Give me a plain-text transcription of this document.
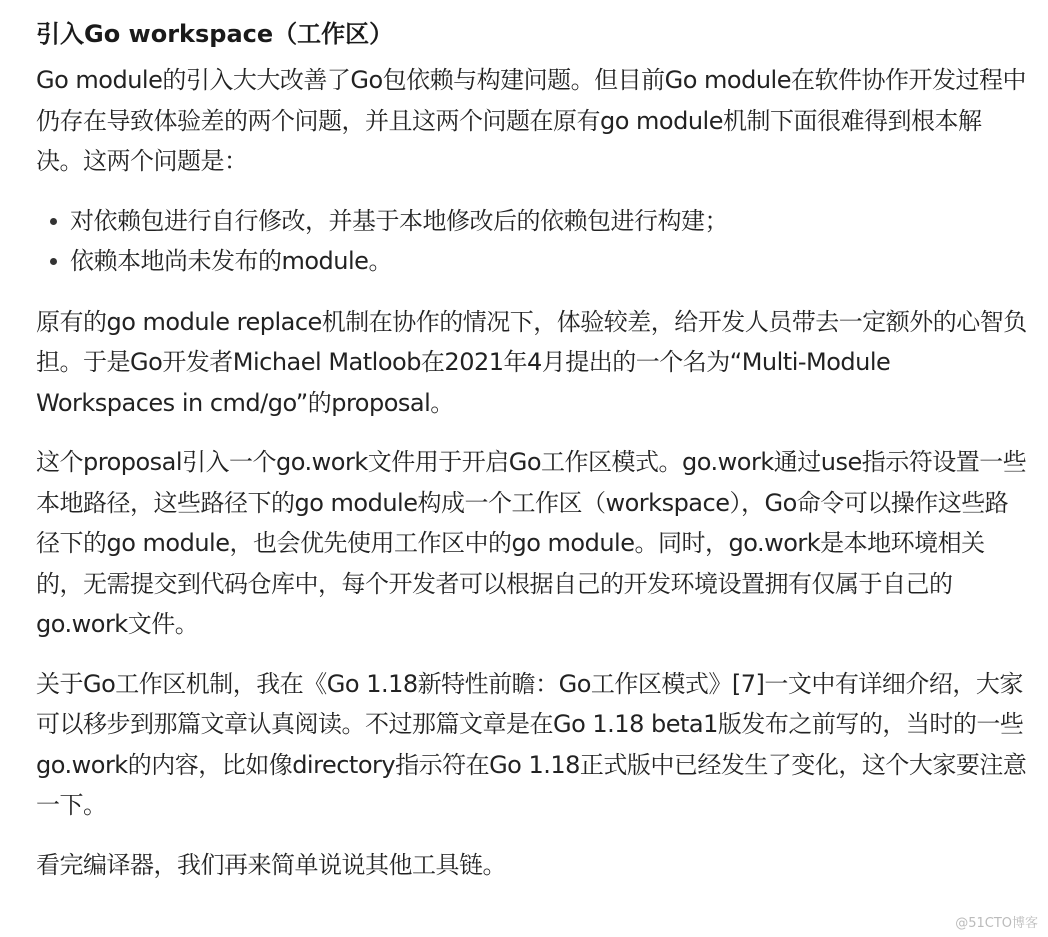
引入Go workspace（工作区）

Go module的引入大大改善了Go包依赖与构建问题。但目前Go module在软件协作开发过程中仍存在导致体验差的两个问题，并且这两个问题在原有go module机制下面很难得到根本解决。这两个问题是：

对依赖包进行自行修改，并基于本地修改后的依赖包进行构建；
依赖本地尚未发布的module。

原有的go module replace机制在协作的情况下，体验较差，给开发人员带去一定额外的心智负担。于是Go开发者Michael Matloob在2021年4月提出的一个名为“Multi-Module Workspaces in cmd/go”的proposal。

这个proposal引入一个go.work文件用于开启Go工作区模式。go.work通过use指示符设置一些本地路径，这些路径下的go module构成一个工作区（workspace），Go命令可以操作这些路径下的go module，也会优先使用工作区中的go module。同时，go.work是本地环境相关的，无需提交到代码仓库中，每个开发者可以根据自己的开发环境设置拥有仅属于自己的go.work文件。

关于Go工作区机制，我在《Go 1.18新特性前瞻：Go工作区模式》[7]一文中有详细介绍，大家可以移步到那篇文章认真阅读。不过那篇文章是在Go 1.18 beta1版发布之前写的，当时的一些go.work的内容，比如像directory指示符在Go 1.18正式版中已经发生了变化，这个大家要注意一下。

看完编译器，我们再来简单说说其他工具链。

@51CTO博客
